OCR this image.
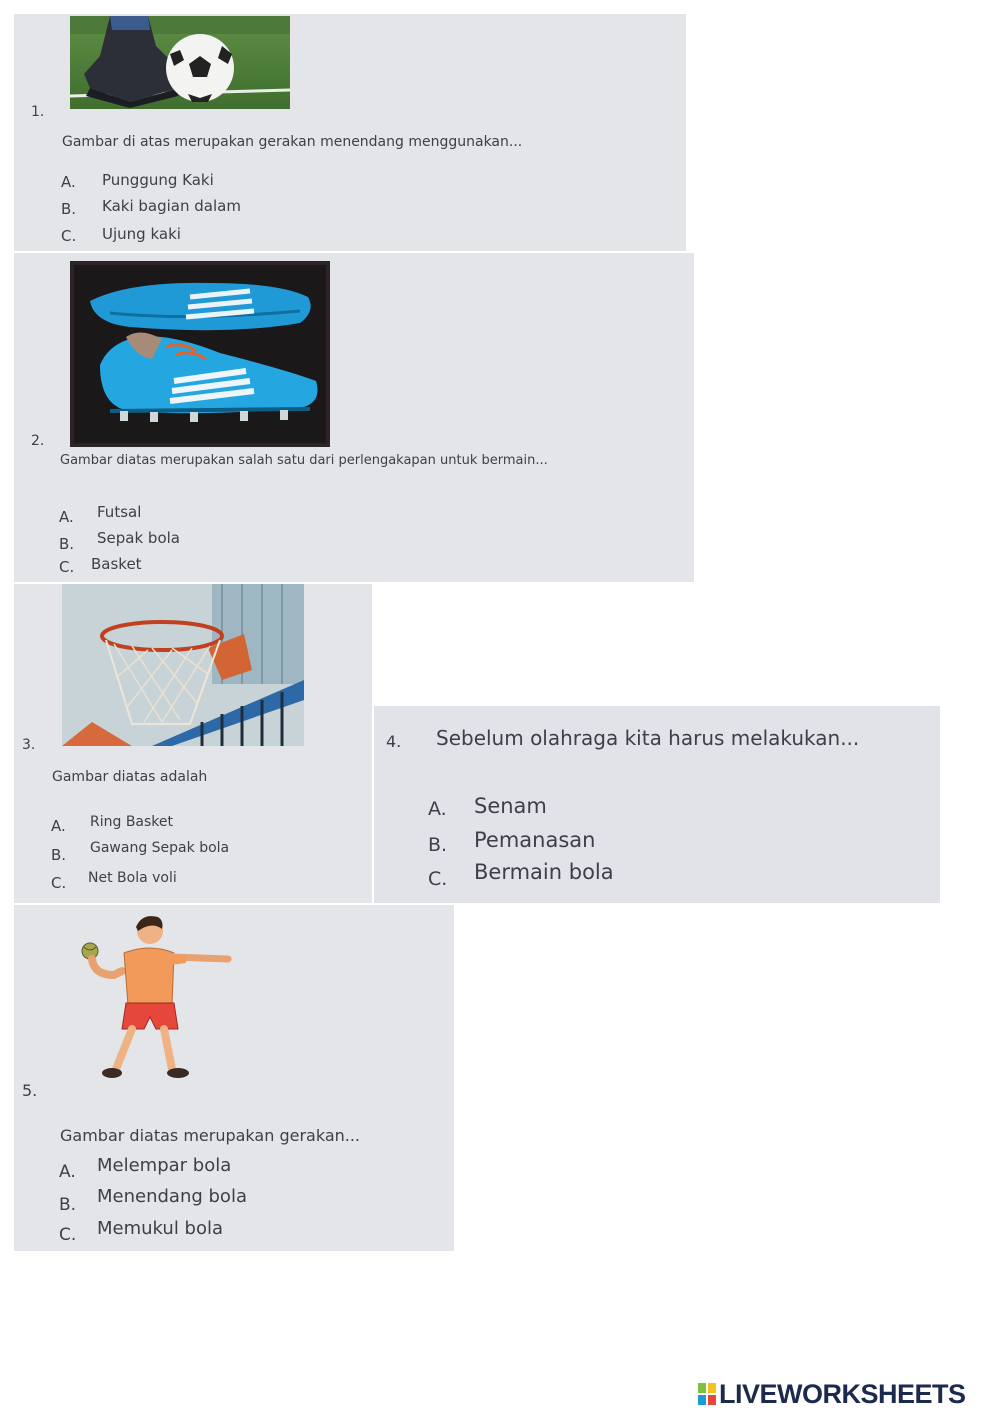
1.
Gambar di atas merupakan gerakan menendang menggunakan...
A. Punggung Kaki
B. Kaki bagian dalam
C. Ujung kaki
2.
Gambar diatas merupakan salah satu dari perlengakapan untuk bermain...
A. Futsal
B. Sepak bola
C. Basket
3.
Gambar diatas adalah
A. Ring Basket
B. Gawang Sepak bola
C. Net Bola voli
4. Sebelum olahraga kita harus melakukan...
A. Senam
B. Pemanasan
C. Bermain bola
5.
Gambar diatas merupakan gerakan...
A. Melempar bola
B. Menendang bola
C. Memukul bola
LIVEWORKSHEETS
